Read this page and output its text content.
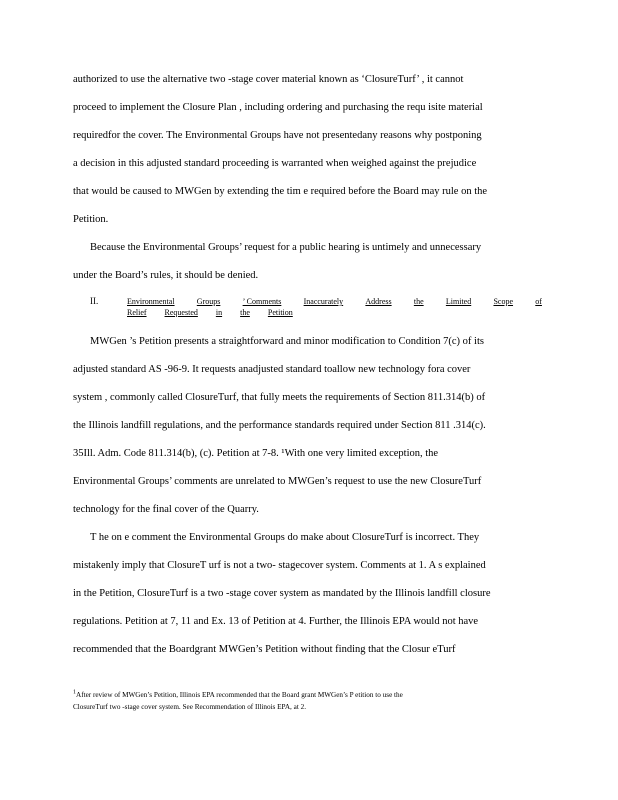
authorized to use the alternative two -stage cover material known as ‘ClosureTurf’ , it cannot
proceed to implement the Closure Plan , including ordering and purchasing the requ isite material
requiredfor the cover. The Environmental Groups have not presentedany reasons why postponing
a decision in this adjusted standard proceeding is warranted when weighed against the prejudice
that would be caused to MWGen by extending the tim e required before the Board may rule on the
Petition.
Because the Environmental Groups’ request for a public hearing is untimely and unnecessary
under the Board’s rules, it should be denied.
II.	Environmental	Groups	’ Comments	Inaccurately	Address	the	Limited	Scope	of
Relief Requested in the Petition
MWGen ’s Petition presents a straightforward and minor modification to Condition 7(c) of its
adjusted standard AS -96-9. It requests anadjusted standard toallow new technology fora cover
system , commonly called ClosureTurf, that fully meets the requirements of Section 811.314(b) of
the Illinois landfill regulations, and the performance standards required under Section 811 .314(c).
35Ill. Adm. Code 811.314(b), (c). Petition at 7-8. ¹With one very limited exception, the
Environmental Groups’ comments are unrelated to MWGen’s request to use the new ClosureTurf
technology for the final cover of the Quarry.
T he on e comment the Environmental Groups do make about ClosureTurf is incorrect. They
mistakenly imply that ClosureT urf is not a two- stagecover system. Comments at 1. A s explained
in the Petition, ClosureTurf is a two -stage cover system as mandated by the Illinois landfill closure
regulations. Petition at 7, 11 and Ex. 13 of Petition at 4. Further, the Illinois EPA would not have
recommended that the Boardgrant MWGen’s Petition without finding that the Closur eTurf
$^1$After review of MWGen’s Petition, Illinois EPA recommended that the Board grant MWGen’s P etition to use the
ClosureTurf two -stage cover system. See Recommendation of Illinois EPA, at 2.
